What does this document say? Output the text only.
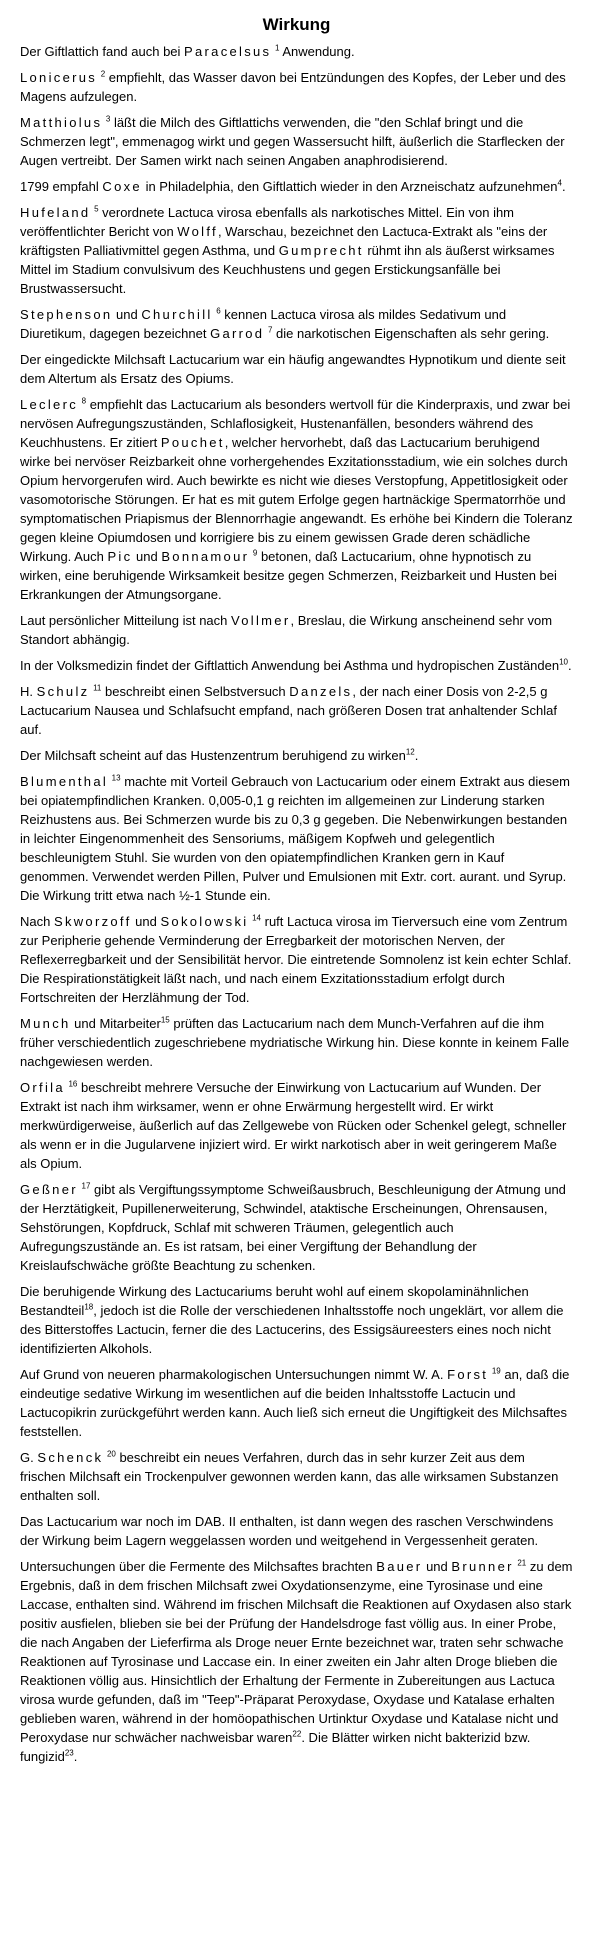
Wirkung

Der Giftlattich fand auch bei Paracelsus $^1$ Anwendung.

Lonicerus $^2$ empfiehlt, das Wasser davon bei Entzündungen des Kopfes, der Leber und des Magens aufzulegen.

Matthiolus $^3$ läßt die Milch des Giftlattichs verwenden, die "den Schlaf bringt und die Schmerzen legt", emmenagog wirkt und gegen Wassersucht hilft, äußerlich die Starflecken der Augen vertreibt. Der Samen wirkt nach seinen Angaben anaphrodisierend.

1799 empfahl Coxe in Philadelphia, den Giftlattich wieder in den Arzneischatz aufzunehmen$^4$.

Hufeland $^5$ verordnete Lactuca virosa ebenfalls als narkotisches Mittel. Ein von ihm veröffentlichter Bericht von Wolff, Warschau, bezeichnet den Lactuca-Extrakt als "eins der kräftigsten Palliativmittel gegen Asthma, und Gumprecht rühmt ihn als äußerst wirksames Mittel im Stadium convulsivum des Keuchhustens und gegen Erstickungsanfälle bei Brustwassersucht.

Stephenson und Churchill $^6$ kennen Lactuca virosa als mildes Sedativum und Diuretikum, dagegen bezeichnet Garrod $^7$ die narkotischen Eigenschaften als sehr gering.

Der eingedickte Milchsaft Lactucarium war ein häufig angewandtes Hypnotikum und diente seit dem Altertum als Ersatz des Opiums.

Leclerc $^8$ empfiehlt das Lactucarium als besonders wertvoll für die Kinderpraxis, und zwar bei nervösen Aufregungszuständen, Schlaflosigkeit, Hustenanfällen, besonders während des Keuchhustens. Er zitiert Pouchet, welcher hervorhebt, daß das Lactucarium beruhigend wirke bei nervöser Reizbarkeit ohne vorhergehendes Exzitationsstadium, wie ein solches durch Opium hervorgerufen wird. Auch bewirkte es nicht wie dieses Verstopfung, Appetitlosigkeit oder vasomotorische Störungen. Er hat es mit gutem Erfolge gegen hartnäckige Spermatorrhöe und symptomatischen Priapismus der Blennorrhagie angewandt. Es erhöhe bei Kindern die Toleranz gegen kleine Opiumdosen und korrigiere bis zu einem gewissen Grade deren schädliche Wirkung. Auch Pic und Bonnamour $^9$ betonen, daß Lactucarium, ohne hypnotisch zu wirken, eine beruhigende Wirksamkeit besitze gegen Schmerzen, Reizbarkeit und Husten bei Erkrankungen der Atmungsorgane.

Laut persönlicher Mitteilung ist nach Vollmer, Breslau, die Wirkung anscheinend sehr vom Standort abhängig.

In der Volksmedizin findet der Giftlattich Anwendung bei Asthma und hydropischen Zuständen$^{10}$.

H. Schulz $^{11}$ beschreibt einen Selbstversuch Danzels, der nach einer Dosis von 2-2,5 g Lactucarium Nausea und Schlafsucht empfand, nach größeren Dosen trat anhaltender Schlaf auf.

Der Milchsaft scheint auf das Hustenzentrum beruhigend zu wirken$^{12}$.

Blumenthal $^{13}$ machte mit Vorteil Gebrauch von Lactucarium oder einem Extrakt aus diesem bei opiatempfindlichen Kranken. 0,005-0,1 g reichten im allgemeinen zur Linderung starken Reizhustens aus. Bei Schmerzen wurde bis zu 0,3 g gegeben. Die Nebenwirkungen bestanden in leichter Eingenommenheit des Sensoriums, mäßigem Kopfweh und gelegentlich beschleunigtem Stuhl. Sie wurden von den opiatempfindlichen Kranken gern in Kauf genommen. Verwendet werden Pillen, Pulver und Emulsionen mit Extr. cort. aurant. und Syrup. Die Wirkung tritt etwa nach ½-1 Stunde ein.

Nach Skworzoff und Sokolowski $^{14}$ ruft Lactuca virosa im Tierversuch eine vom Zentrum zur Peripherie gehende Verminderung der Erregbarkeit der motorischen Nerven, der Reflexerregbarkeit und der Sensibilität hervor. Die eintretende Somnolenz ist kein echter Schlaf. Die Respirationstätigkeit läßt nach, und nach einem Exzitationsstadium erfolgt durch Fortschreiten der Herzlähmung der Tod.

Munch und Mitarbeiter$^{15}$ prüften das Lactucarium nach dem Munch-Verfahren auf die ihm früher verschiedentlich zugeschriebene mydriatische Wirkung hin. Diese konnte in keinem Falle nachgewiesen werden.

Orfila $^{16}$ beschreibt mehrere Versuche der Einwirkung von Lactucarium auf Wunden. Der Extrakt ist nach ihm wirksamer, wenn er ohne Erwärmung hergestellt wird. Er wirkt merkwürdigerweise, äußerlich auf das Zellgewebe von Rücken oder Schenkel gelegt, schneller als wenn er in die Jugularvene injiziert wird. Er wirkt narkotisch aber in weit geringerem Maße als Opium.

Geßner $^{17}$ gibt als Vergiftungssymptome Schweißausbruch, Beschleunigung der Atmung und der Herztätigkeit, Pupillenerweiterung, Schwindel, ataktische Erscheinungen, Ohrensausen, Sehstörungen, Kopfdruck, Schlaf mit schweren Träumen, gelegentlich auch Aufregungszustände an. Es ist ratsam, bei einer Vergiftung der Behandlung der Kreislaufschwäche größte Beachtung zu schenken.

Die beruhigende Wirkung des Lactucariums beruht wohl auf einem skopolaminähnlichen Bestandteil$^{18}$, jedoch ist die Rolle der verschiedenen Inhaltsstoffe noch ungeklärt, vor allem die des Bitterstoffes Lactucin, ferner die des Lactucerins, des Essigsäureesters eines noch nicht identifizierten Alkohols.

Auf Grund von neueren pharmakologischen Untersuchungen nimmt W. A. Forst $^{19}$ an, daß die eindeutige sedative Wirkung im wesentlichen auf die beiden Inhaltsstoffe Lactucin und Lactucopikrin zurückgeführt werden kann. Auch ließ sich erneut die Ungiftigkeit des Milchsaftes feststellen.

G. Schenck $^{20}$ beschreibt ein neues Verfahren, durch das in sehr kurzer Zeit aus dem frischen Milchsaft ein Trockenpulver gewonnen werden kann, das alle wirksamen Substanzen enthalten soll.

Das Lactucarium war noch im DAB. II enthalten, ist dann wegen des raschen Verschwindens der Wirkung beim Lagern weggelassen worden und weitgehend in Vergessenheit geraten.

Untersuchungen über die Fermente des Milchsaftes brachten Bauer und Brunner $^{21}$ zu dem Ergebnis, daß in dem frischen Milchsaft zwei Oxydationsenzyme, eine Tyrosinase und eine Laccase, enthalten sind. Während im frischen Milchsaft die Reaktionen auf Oxydasen also stark positiv ausfielen, blieben sie bei der Prüfung der Handelsdroge fast völlig aus. In einer Probe, die nach Angaben der Lieferfirma als Droge neuer Ernte bezeichnet war, traten sehr schwache Reaktionen auf Tyrosinase und Laccase ein. In einer zweiten ein Jahr alten Droge blieben die Reaktionen völlig aus. Hinsichtlich der Erhaltung der Fermente in Zubereitungen aus Lactuca virosa wurde gefunden, daß im "Teep"-Präparat Peroxydase, Oxydase und Katalase erhalten geblieben waren, während in der homöopathischen Urtinktur Oxydase und Katalase nicht und Peroxydase nur schwächer nachweisbar waren$^{22}$. Die Blätter wirken nicht bakterizid bzw. fungizid$^{23}$.
